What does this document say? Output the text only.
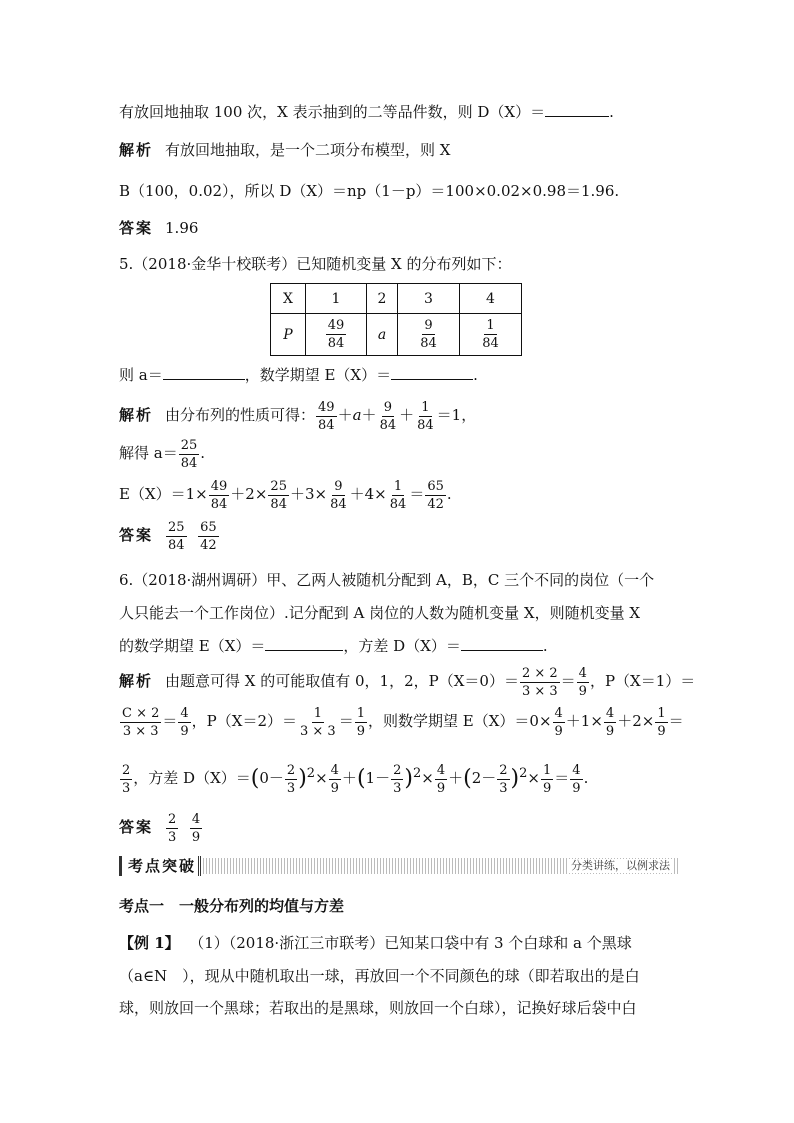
有放回地抽取 100 次，X 表示抽到的二等品件数，则 D（X）＝	.
解析 有放回地抽取，是一个二项分布模型，则 X
B（100，0.02），所以 D（X）＝np（1－p）＝100×0.02×0.98＝1.96.
答案 1.96
5.（2018·金华十校联考）已知随机变量 X 的分布列如下：
X	1	2	3	4
P	$\frac{49}{84}$	a	$\frac{9}{84}$	$\frac{1}{84}$
则 a＝	，数学期望 E（X）＝	.
解析 由分布列的性质可得： $\frac{49}{84} +a+ \frac{9}{84} + \frac{1}{84} =1$，
解得 $a= \frac{25}{84}$ .
$E(X)=1\times \frac{49}{84} +2\times \frac{25}{84} +3\times \frac{9}{84} +4\times \frac{1}{84} = \frac{65}{42}$ .
答案 $\frac{25}{84}$
$\frac{65}{42}$
6.（2018·湖州调研）甲、乙两人被随机分配到 A，B，C 三个不同的岗位（一个
人只能去一个工作岗位）.记分配到 A 岗位的人数为随机变量 X，则随机变量 X
的数学期望 E（X）＝	，方差 D（X）＝	.
解析 由题意可得 X 的可能取值有 0，1，2，$P(X=0)= \frac{2 \times 2}{3 \times 3} = \frac{4}{9}$ ，P（X＝1）＝
$\frac{C \times 2}{3 \times 3} = \frac{4}{9}$ ，$P(X=2)= \frac{1}{3 \times 3} = \frac{1}{9}$ ，则数学期望 $E(X)=0\times \frac{4}{9} +1\times \frac{4}{9} +2\times \frac{1}{9}$ ＝
$\frac{2}{3}$ ，方差 $D(X)=(0- \frac{2}{3} )^2\times \frac{4}{9} +(1- \frac{2}{3} )^2\times \frac{4}{9} +(2- \frac{2}{3} )^2\times \frac{1}{9} = \frac{4}{9}$ .
答案 $\frac{2}{3}$
$\frac{4}{9}$
考点突破	分类讲练，以例求法
考点一　一般分布列的均值与方差
【例 1】 （1）（2018·浙江三市联考）已知某口袋中有 3 个白球和 a 个黑球
（a∈N　），现从中随机取出一球，再放回一个不同颜色的球（即若取出的是白
球，则放回一个黑球；若取出的是黑球，则放回一个白球），记换好球后袋中白
